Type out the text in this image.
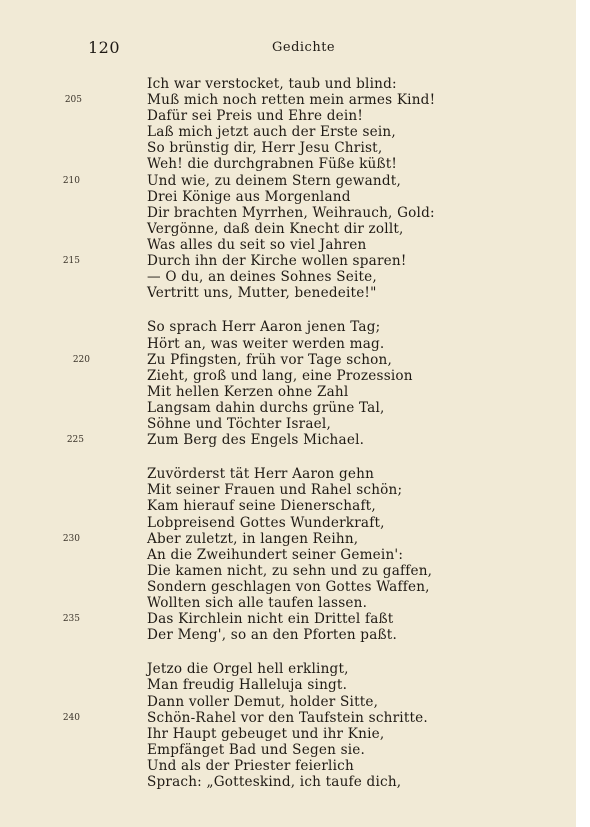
120	Gedichte
Ich war verstocket, taub und blind:
Muß mich noch retten mein armes Kind!
205
Dafür sei Preis und Ehre dein!
Laß mich jetzt auch der Erste sein,
So brünstig dir, Herr Jesu Christ,
Weh! die durchgrabnen Füße küßt!
Und wie, zu deinem Stern gewandt,
210
Drei Könige aus Morgenland
Dir brachten Myrrhen, Weihrauch, Gold:
Vergönne, daß dein Knecht dir zollt,
Was alles du seit so viel Jahren
Durch ihn der Kirche wollen sparen!
215
— O du, an deines Sohnes Seite,
Vertritt uns, Mutter, benedeite!"
So sprach Herr Aaron jenen Tag;
Hört an, was weiter werden mag.
Zu Pfingsten, früh vor Tage schon,
220
Zieht, groß und lang, eine Prozession
Mit hellen Kerzen ohne Zahl
Langsam dahin durchs grüne Tal,
Söhne und Töchter Israel,
Zum Berg des Engels Michael.
225
Zuvörderst tät Herr Aaron gehn
Mit seiner Frauen und Rahel schön;
Kam hierauf seine Dienerschaft,
Lobpreisend Gottes Wunderkraft,
Aber zuletzt, in langen Reihn,
230
An die Zweihundert seiner Gemein':
Die kamen nicht, zu sehn und zu gaffen,
Sondern geschlagen von Gottes Waffen,
Wollten sich alle taufen lassen.
Das Kirchlein nicht ein Drittel faßt
235
Der Meng', so an den Pforten paßt.
Jetzo die Orgel hell erklingt,
Man freudig Halleluja singt.
Dann voller Demut, holder Sitte,
Schön-Rahel vor den Taufstein schritte.
240
Ihr Haupt gebeuget und ihr Knie,
Empfänget Bad und Segen sie.
Und als der Priester feierlich
Sprach: „Gotteskind, ich taufe dich,
